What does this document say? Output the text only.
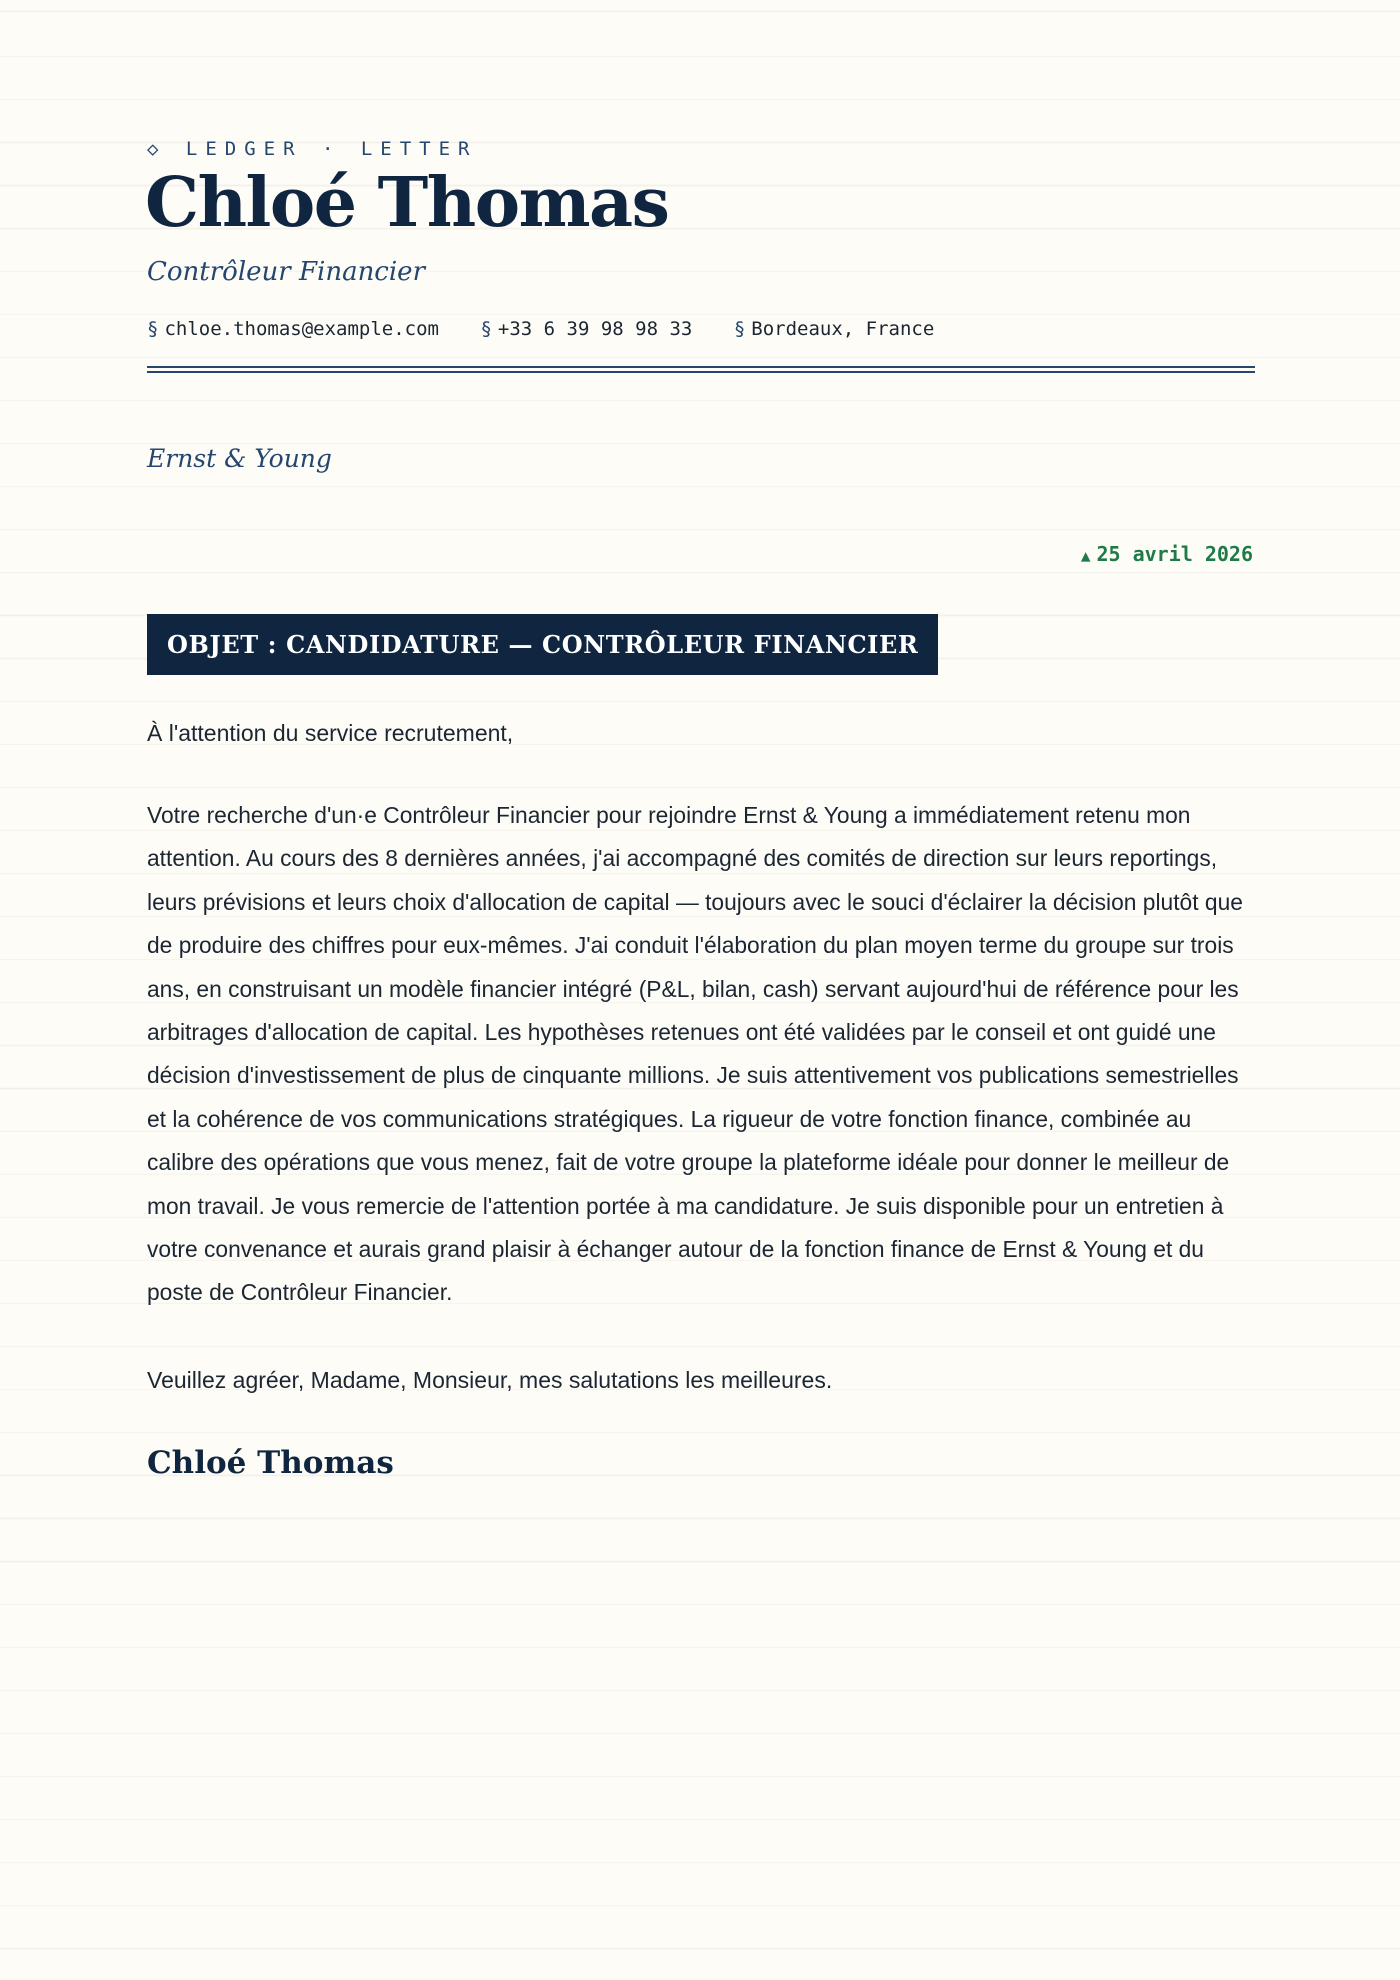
◇ LEDGER · LETTER
Chloé Thomas
Contrôleur Financier
§ chloe.thomas@example.com § +33 6 39 98 98 33 § Bordeaux, France
Ernst & Young
▲ 25 avril 2026
OBJET : CANDIDATURE — CONTRÔLEUR FINANCIER
À l'attention du service recrutement,

Votre recherche d'un·e Contrôleur Financier pour rejoindre Ernst & Young a immédiatement retenu mon attention. Au cours des 8 dernières années, j'ai accompagné des comités de direction sur leurs reportings, leurs prévisions et leurs choix d'allocation de capital — toujours avec le souci d'éclairer la décision plutôt que de produire des chiffres pour eux-mêmes. J'ai conduit l'élaboration du plan moyen terme du groupe sur trois ans, en construisant un modèle financier intégré (P&L, bilan, cash) servant aujourd'hui de référence pour les arbitrages d'allocation de capital. Les hypothèses retenues ont été validées par le conseil et ont guidé une décision d'investissement de plus de cinquante millions. Je suis attentivement vos publications semestrielles et la cohérence de vos communications stratégiques. La rigueur de votre fonction finance, combinée au calibre des opérations que vous menez, fait de votre groupe la plateforme idéale pour donner le meilleur de mon travail. Je vous remercie de l'attention portée à ma candidature. Je suis disponible pour un entretien à votre convenance et aurais grand plaisir à échanger autour de la fonction finance de Ernst & Young et du poste de Contrôleur Financier.

Veuillez agréer, Madame, Monsieur, mes salutations les meilleures.
Chloé Thomas
